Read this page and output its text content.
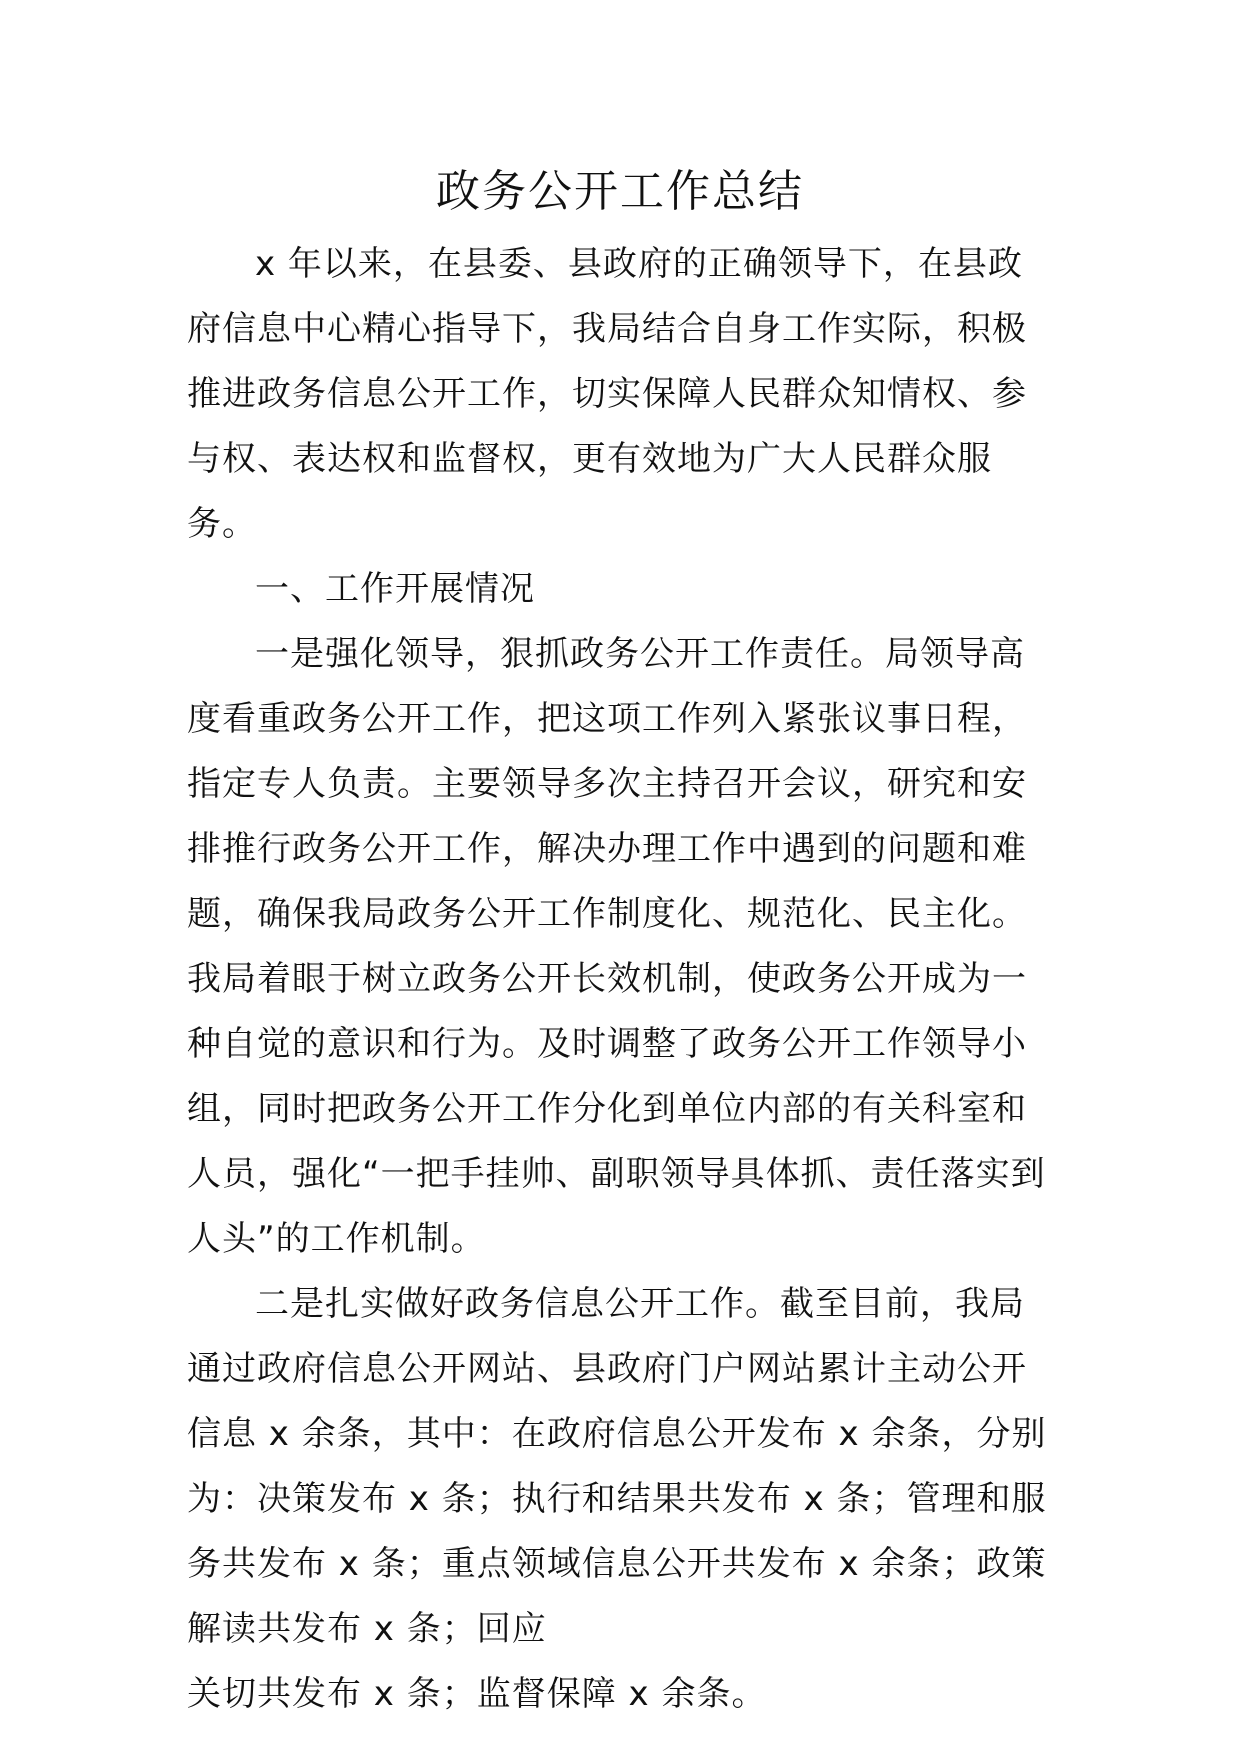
政务公开工作总结

x 年以来，在县委、县政府的正确领导下，在县政府信息中心精心指导下，我局结合自身工作实际，积极推进政务信息公开工作，切实保障人民群众知情权、参与权、表达权和监督权，更有效地为广大人民群众服务。

一、工作开展情况

一是强化领导，狠抓政务公开工作责任。局领导高度看重政务公开工作，把这项工作列入紧张议事日程，指定专人负责。主要领导多次主持召开会议，研究和安排推行政务公开工作，解决办理工作中遇到的问题和难题，确保我局政务公开工作制度化、规范化、民主化。我局着眼于树立政务公开长效机制，使政务公开成为一种自觉的意识和行为。及时调整了政务公开工作领导小组，同时把政务公开工作分化到单位内部的有关科室和人员，强化“一把手挂帅、副职领导具体抓、责任落实到人头”的工作机制。

二是扎实做好政务信息公开工作。截至目前，我局通过政府信息公开网站、县政府门户网站累计主动公开信息 x 余条，其中：在政府信息公开发布 x 余条，分别为：决策发布 x 条；执行和结果共发布 x 条；管理和服务共发布 x 条；重点领域信息公开共发布 x 余条；政策解读共发布 x 条；回应

关切共发布 x 条；监督保障 x 余条。
